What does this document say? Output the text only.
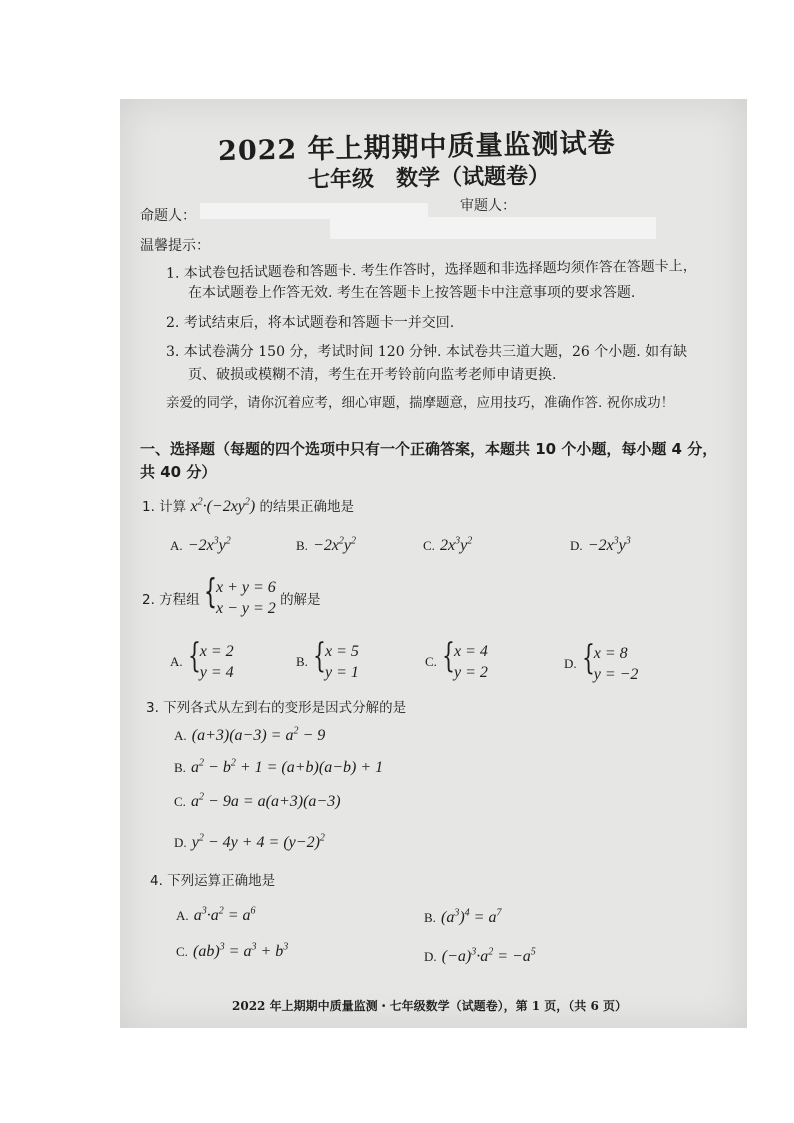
2022 年上期期中质量监测试卷
七年级　数学（试题卷）
命题人：
审题人：
温馨提示：
1. 本试卷包括试题卷和答题卡. 考生作答时，选择题和非选择题均须作答在答题卡上，
在本试题卷上作答无效. 考生在答题卡上按答题卡中注意事项的要求答题.
2. 考试结束后，将本试题卷和答题卡一并交回.
3. 本试卷满分 150 分，考试时间 120 分钟. 本试卷共三道大题，26 个小题. 如有缺
页、破损或模糊不清，考生在开考铃前向监考老师申请更换.
亲爱的同学，请你沉着应考，细心审题，揣摩题意，应用技巧，准确作答. 祝你成功！
一、选择题（每题的四个选项中只有一个正确答案，本题共 10 个小题，每小题 4 分，
共 40 分）
1. 计算 $x^2\cdot(-2xy^2)$ 的结果正确地是
A. $-2x^3y^2$	B. $-2x^2y^2$	C. $2x^3y^2$	D. $-2x^3y^3$
2. 方程组 { x + y = 6
x − y = 2 的解是
A. { x = 2
y = 4
B. { x = 5
y = 1
C. { x = 4
y = 2
D. { x = 8
y = −2
3. 下列各式从左到右的变形是因式分解的是
A. $(a+3)(a-3) = a^2 - 9$
B. $a^2 - b^2 + 1 = (a+b)(a-b) + 1$
C. $a^2 - 9a = a(a+3)(a-3)$
D. $y^2 - 4y + 4 = (y-2)^2$
4. 下列运算正确地是
A. $a^3\cdot a^2 = a^6$	B. $(a^3)^4 = a^7$
C. $(ab)^3 = a^3 + b^3$
D. $(-a)^3\cdot a^2 = -a^5$
2022 年上期期中质量监测・七年级数学（试题卷），第 1 页，（共 6 页）
